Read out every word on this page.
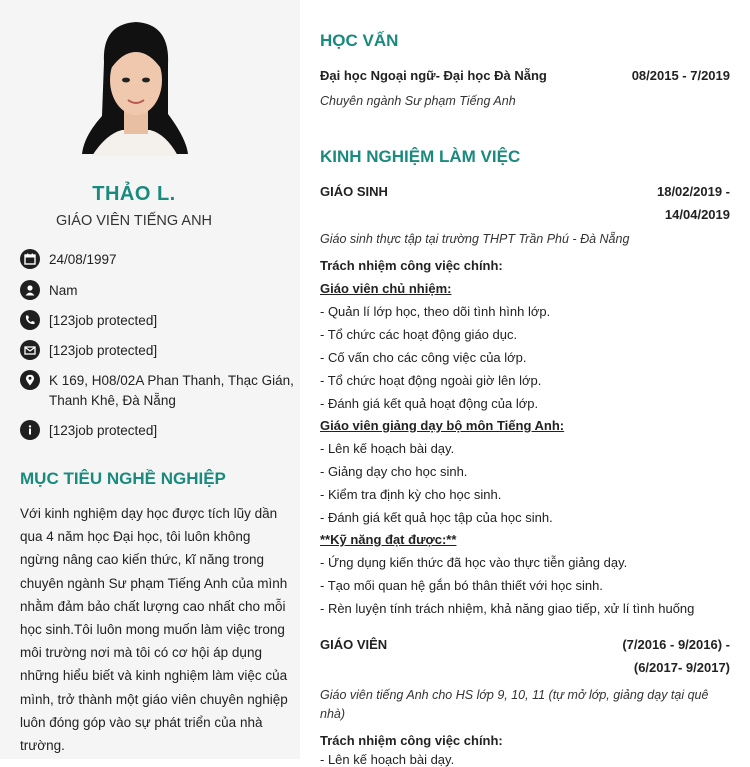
THẢO L.
GIÁO VIÊN TIẾNG ANH
24/08/1997
Nam
[123job protected]
[123job protected]
K 169, H08/02A Phan Thanh, Thạc Gián,
Thanh Khê, Đà Nẵng
[123job protected]
MỤC TIÊU NGHỀ NGHIỆP
Với kinh nghiệm dạy học được tích lũy dần
qua 4 năm học Đại học, tôi luôn không
ngừng nâng cao kiến thức, kĩ năng trong
chuyên ngành Sư phạm Tiếng Anh của mình
nhằm đảm bảo chất lượng cao nhất cho mỗi
học sinh.Tôi luôn mong muốn làm việc trong
môi trường nơi mà tôi có cơ hội áp dụng
những hiểu biết và kinh nghiệm làm việc của
mình, trở thành một giáo viên chuyên nghiệp
luôn đóng góp vào sự phát triển của nhà
trường.
HỌC VẤN
Đại học Ngoại ngữ- Đại học Đà Nẵng	08/2015 - 7/2019
Chuyên ngành Sư phạm Tiếng Anh
KINH NGHIỆM LÀM VIỆC
GIÁO SINH	18/02/2019 -
14/04/2019
Giáo sinh thực tập tại trường THPT Trần Phú - Đà Nẵng
Trách nhiệm công việc chính:
Giáo viên chủ nhiệm:
- Quản lí lớp học, theo dõi tình hình lớp.
- Tổ chức các hoạt động giáo dục.
- Cố vấn cho các công việc của lớp.
- Tổ chức hoạt động ngoài giờ lên lớp.
- Đánh giá kết quả hoạt động của lớp.
Giáo viên giảng dạy bộ môn Tiếng Anh:
- Lên kế hoạch bài dạy.
- Giảng dạy cho học sinh.
- Kiểm tra định kỳ cho học sinh.
- Đánh giá kết quả học tập của học sinh.
**Kỹ năng đạt được:**
- Ứng dụng kiến thức đã học vào thực tiễn giảng dạy.
- Tạo mối quan hệ gắn bó thân thiết với học sinh.
- Rèn luyện tính trách nhiệm, khả năng giao tiếp, xử lí tình huống
GIÁO VIÊN	(7/2016 - 9/2016) -
(6/2017- 9/2017)
Giáo viên tiếng Anh cho HS lớp 9, 10, 11 (tự mở lớp, giảng dạy tại quê
nhà)
Trách nhiệm công việc chính:
- Lên kế hoạch bài dạy.
